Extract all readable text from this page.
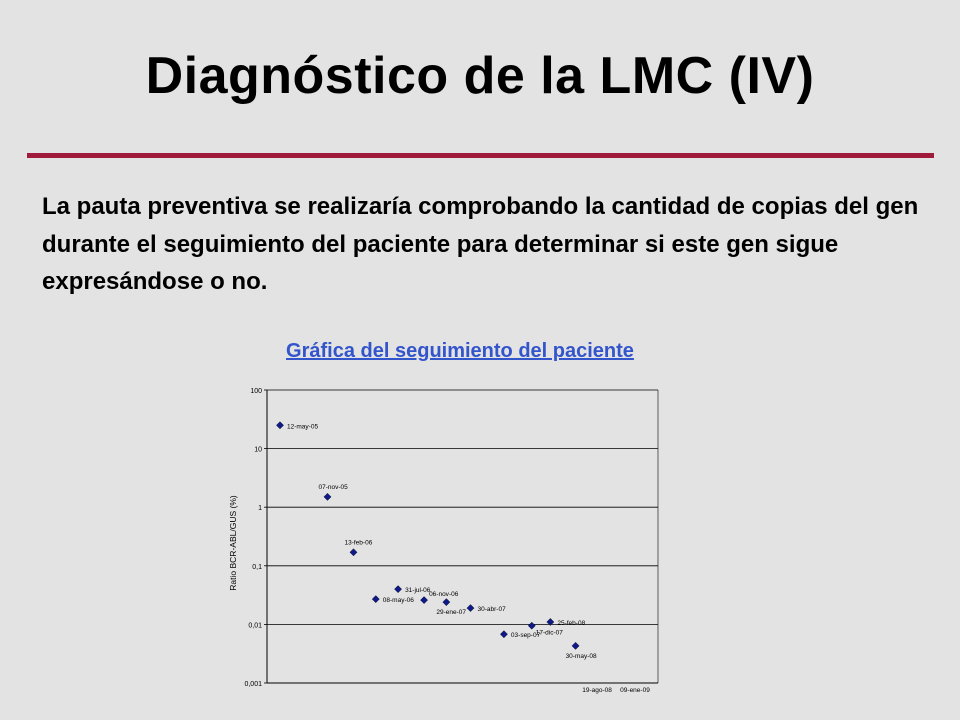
Diagnóstico de la LMC (IV)

La pauta preventiva se realizaría comprobando la cantidad de copias del gen durante el seguimiento del paciente para determinar si este gen sigue expresándose o no.

Gráfica del seguimiento del paciente
100
10
1
0,1
0,01
0,001
Ratio BCR-ABL/GUS (%)
12-may-05
07-nov-05
13-feb-06
08-may-06
31-jul-06
06-nov-06
29-ene-07 30-abr-07
03-sep-07
17-dic-07
25-feb-08
30-may-08
19-ago-08 09-ene-09
